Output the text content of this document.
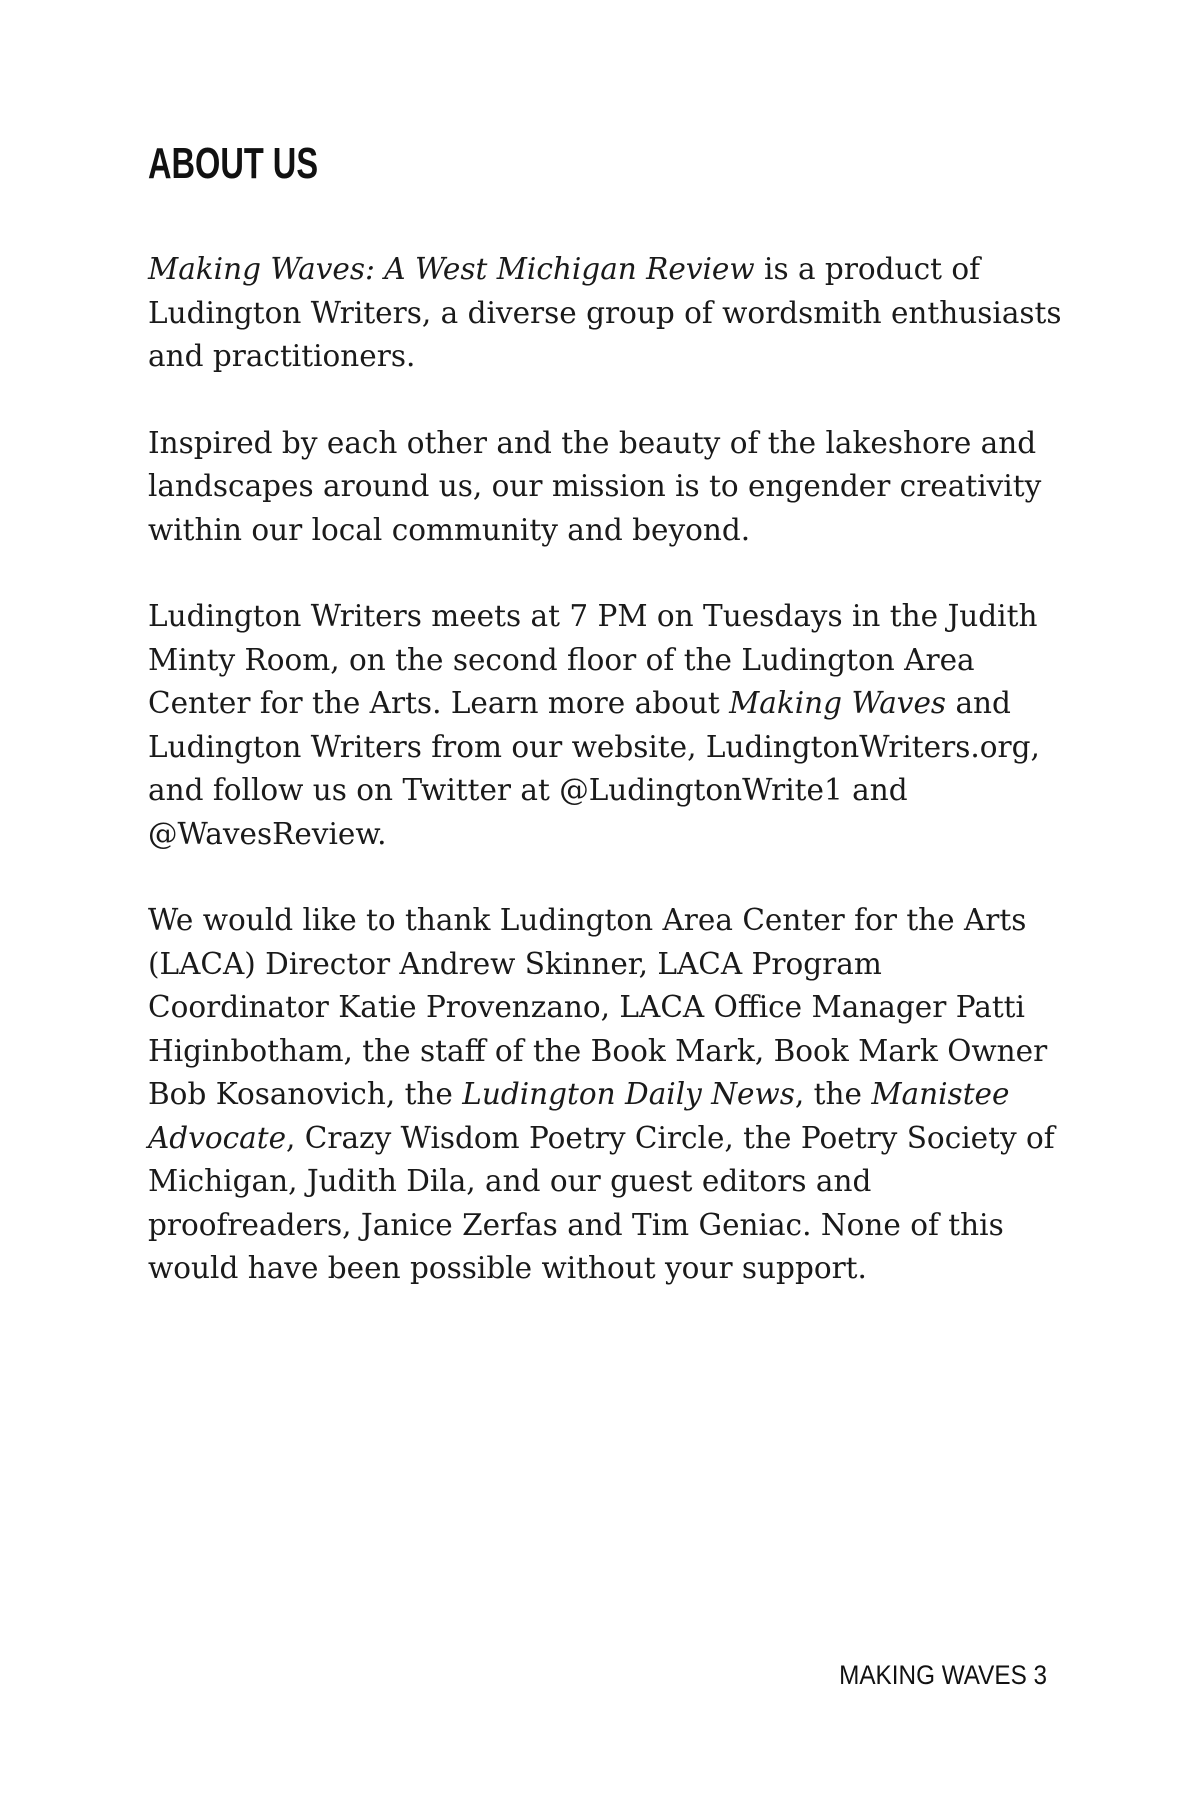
ABOUT US

Making Waves: A West Michigan Review is a product of
Ludington Writers, a diverse group of wordsmith enthusiasts
and practitioners.

Inspired by each other and the beauty of the lakeshore and
landscapes around us, our mission is to engender creativity
within our local community and beyond.

Ludington Writers meets at 7 PM on Tuesdays in the Judith
Minty Room, on the second floor of the Ludington Area
Center for the Arts. Learn more about Making Waves and
Ludington Writers from our website, LudingtonWriters.org,
and follow us on Twitter at @LudingtonWrite1 and
@WavesReview.

We would like to thank Ludington Area Center for the Arts
(LACA) Director Andrew Skinner, LACA Program
Coordinator Katie Provenzano, LACA Office Manager Patti
Higinbotham, the staff of the Book Mark, Book Mark Owner
Bob Kosanovich, the Ludington Daily News, the Manistee
Advocate, Crazy Wisdom Poetry Circle, the Poetry Society of
Michigan, Judith Dila, and our guest editors and
proofreaders, Janice Zerfas and Tim Geniac. None of this
would have been possible without your support.

MAKING WAVES 3
